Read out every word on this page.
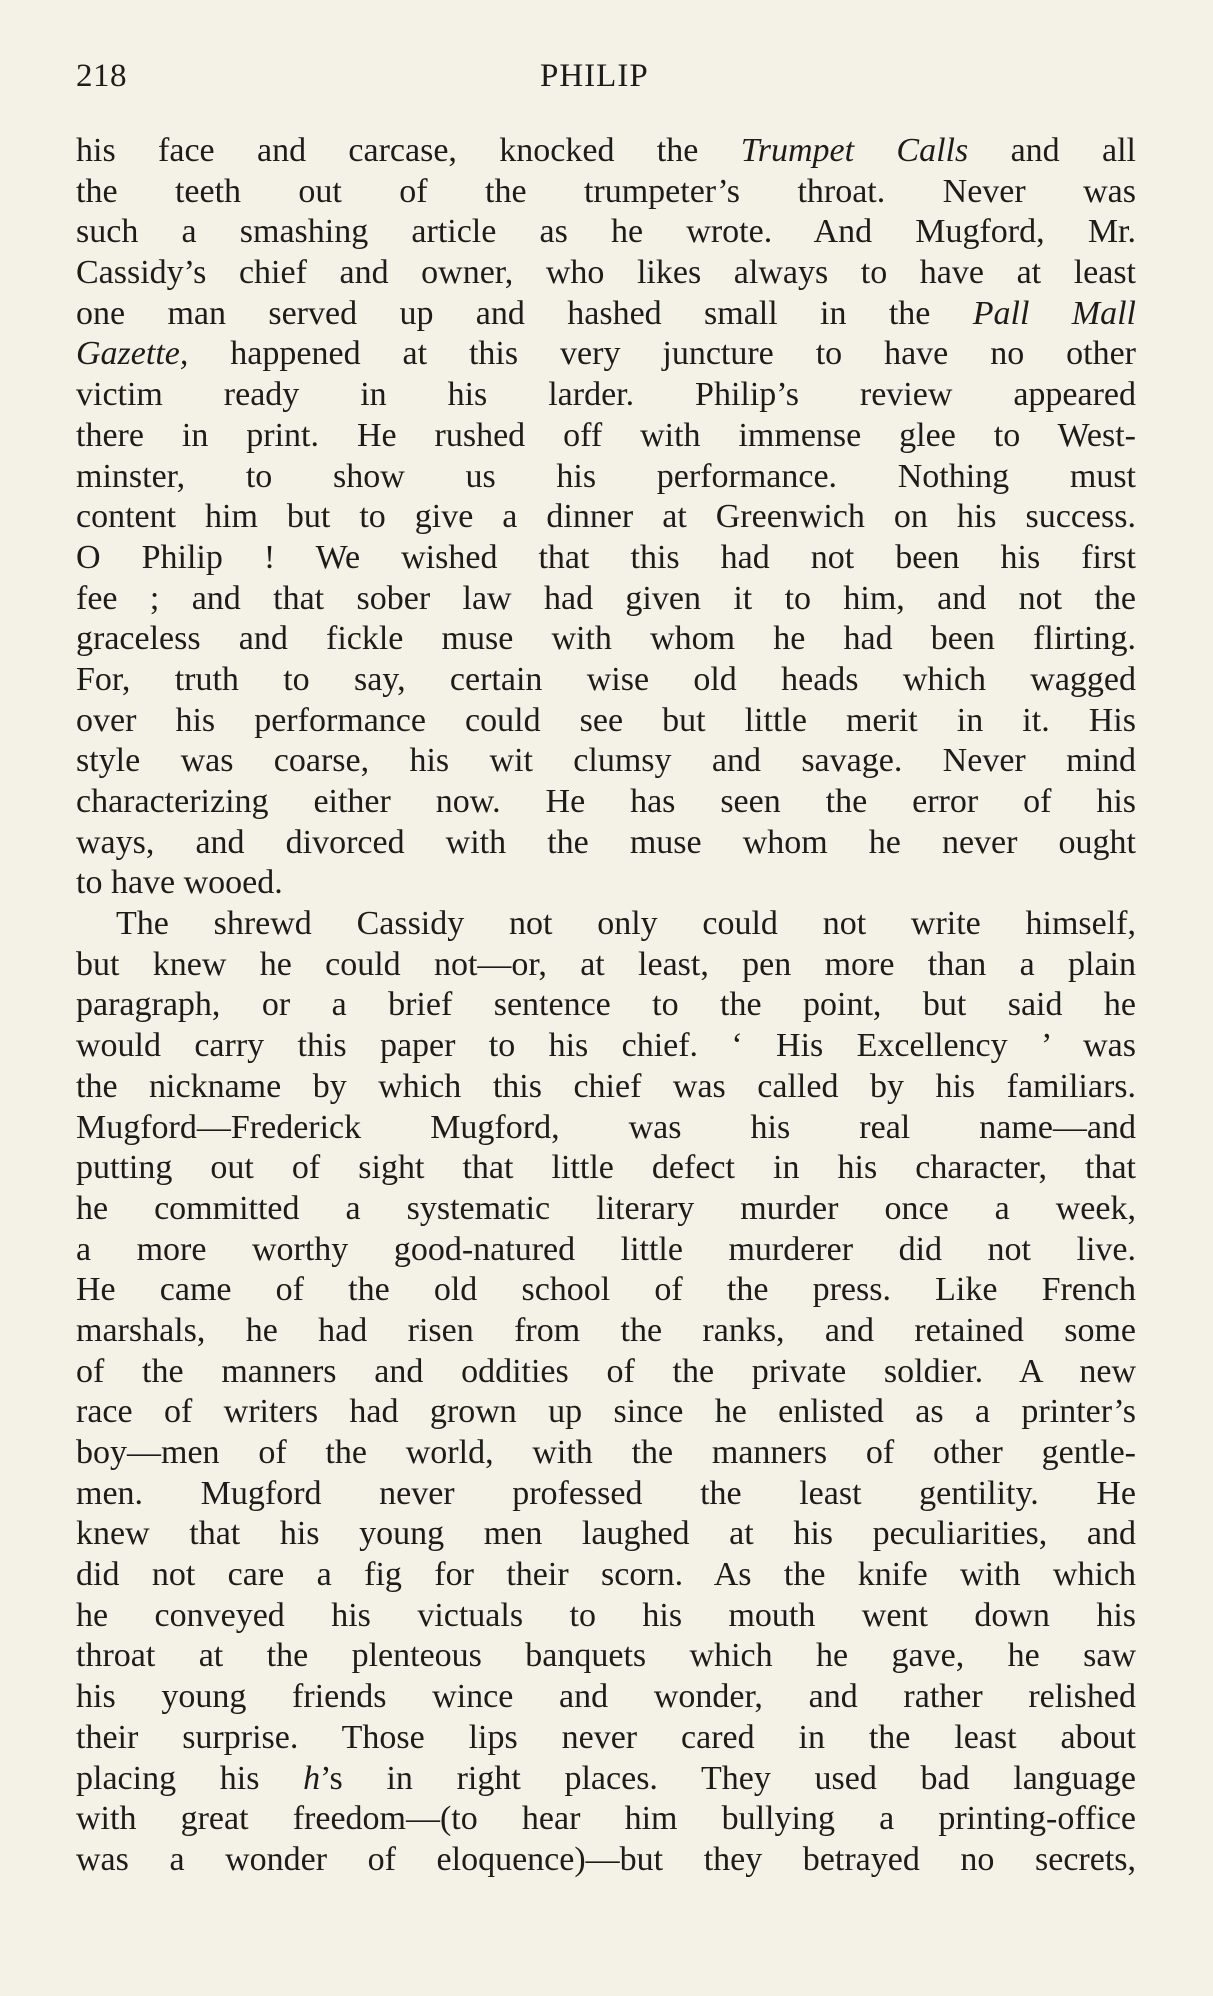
218	PHILIP
his face and carcase, knocked the Trumpet Calls and all
the teeth out of the trumpeter’s throat. Never was
such a smashing article as he wrote. And Mugford, Mr.
Cassidy’s chief and owner, who likes always to have at least
one man served up and hashed small in the Pall Mall
Gazette, happened at this very juncture to have no other
victim ready in his larder. Philip’s review appeared
there in print. He rushed off with immense glee to West-
minster, to show us his performance. Nothing must
content him but to give a dinner at Greenwich on his success.
O Philip ! We wished that this had not been his first
fee ; and that sober law had given it to him, and not the
graceless and fickle muse with whom he had been flirting.
For, truth to say, certain wise old heads which wagged
over his performance could see but little merit in it. His
style was coarse, his wit clumsy and savage. Never mind
characterizing either now. He has seen the error of his
ways, and divorced with the muse whom he never ought
to have wooed.
The shrewd Cassidy not only could not write himself,
but knew he could not—or, at least, pen more than a plain
paragraph, or a brief sentence to the point, but said he
would carry this paper to his chief. ‘ His Excellency ’ was
the nickname by which this chief was called by his familiars.
Mugford—Frederick Mugford, was his real name—and
putting out of sight that little defect in his character, that
he committed a systematic literary murder once a week,
a more worthy good-natured little murderer did not live.
He came of the old school of the press. Like French
marshals, he had risen from the ranks, and retained some
of the manners and oddities of the private soldier. A new
race of writers had grown up since he enlisted as a printer’s
boy—men of the world, with the manners of other gentle-
men. Mugford never professed the least gentility. He
knew that his young men laughed at his peculiarities, and
did not care a fig for their scorn. As the knife with which
he conveyed his victuals to his mouth went down his
throat at the plenteous banquets which he gave, he saw
his young friends wince and wonder, and rather relished
their surprise. Those lips never cared in the least about
placing his h’s in right places. They used bad language
with great freedom—(to hear him bullying a printing-office
was a wonder of eloquence)—but they betrayed no secrets,
